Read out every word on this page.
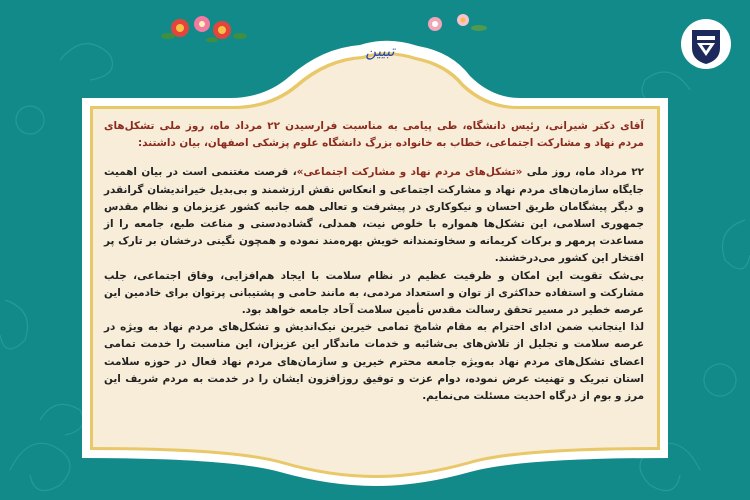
تبیین

آقای دکتر شیرانی، رئیس دانشگاه، طی پیامی به مناسبت فرارسیدن ۲۲ مرداد ماه، روز ملی تشکل‌های مردم نهاد و مشارکت اجتماعی، خطاب به خانواده بزرگ دانشگاه علوم پزشکی اصفهان، بیان داشتند:

۲۲ مرداد ماه، روز ملی «تشکل‌های مردم نهاد و مشارکت اجتماعی»، فرصت مغتنمی است در بیان اهمیت جایگاه سازمان‌های مردم نهاد و مشارکت اجتماعی و انعکاس نقش ارزشمند و بی‌بدیل خیراندیشان گرانقدر و دیگر پیشگامان طریق احسان و نیکوکاری در پیشرفت و تعالی همه جانبه کشور عزیزمان و نظام مقدس جمهوری اسلامی، این تشکل‌ها همواره با خلوص نیت، همدلی، گشاده‌دستی و مناعت طبع، جامعه را از مساعدت پرمهر و برکات کریمانه و سخاوتمندانه خویش بهره‌مند نموده و همچون نگینی درخشان بر تارک پر افتخار این کشور می‌درخشند.

بی‌شک تقویت این امکان و ظرفیت عظیم در نظام سلامت با ایجاد هم‌افزایی، وفاق اجتماعی، جلب مشارکت و استفاده حداکثری از توان و استعداد مردمی، به مانند حامی و پشتیبانی پرتوان برای خادمین این عرصه خطیر در مسیر تحقق رسالت مقدس تأمین سلامت آحاد جامعه خواهد بود.

لذا اینجانب ضمن ادای احترام به مقام شامخ تمامی خیرین نیک‌اندیش و تشکل‌های مردم نهاد به ویژه در عرصه سلامت و تجلیل از تلاش‌های بی‌شائبه و خدمات ماندگار این عزیزان، این مناسبت را خدمت تمامی اعضای تشکل‌های مردم نهاد به‌ویژه جامعه محترم خیرین و سازمان‌های مردم نهاد فعال در حوزه سلامت استان تبریک و تهنیت عرض نموده، دوام عزت و توفیق روزافزون ایشان را در خدمت به مردم شریف این مرز و بوم از درگاه احدیت مسئلت می‌نمایم.
